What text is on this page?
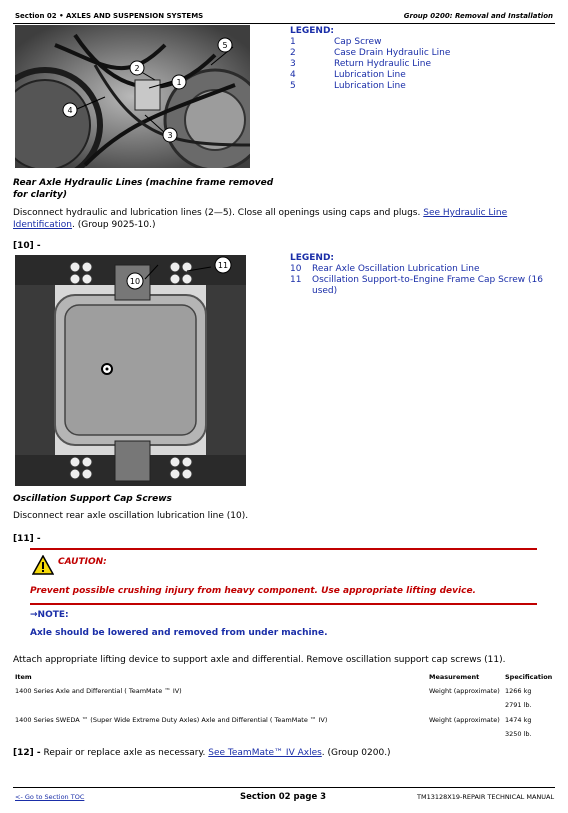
Section 02 • AXLES AND SUSPENSION SYSTEMS	Group 0200: Removal and Installation
5
2
1
4
3
LEGEND:
1	Cap Screw
2	Case Drain Hydraulic Line
3	Return Hydraulic Line
4	Lubrication Line
5	Lubrication Line
Rear Axle Hydraulic Lines (machine frame removed for clarity)
Disconnect hydraulic and lubrication lines (2—5). Close all openings using caps and plugs. See Hydraulic Line Identification. (Group 9025-10.)
[10] -
10
11
LEGEND:
10	Rear Axle Oscillation Lubrication Line
11	Oscillation Support-to-Engine Frame Cap Screw (16 used)
Oscillation Support Cap Screws
Disconnect rear axle oscillation lubrication line (10).
[11] -
CAUTION:
Prevent possible crushing injury from heavy component. Use appropriate lifting device.
→NOTE:
Axle should be lowered and removed from under machine.
Attach appropriate lifting device to support axle and differential. Remove oscillation support cap screws (11).
Item	Measurement	Specification
1400 Series Axle and Differential ( TeamMate ™ IV)	Weight (approximate) 1266 kg
2791 lb.
1400 Series SWEDA ™ (Super Wide Extreme Duty Axles) Axle and Differential ( TeamMate ™ IV)	Weight (approximate) 1474 kg
3250 lb.
[12] - Repair or replace axle as necessary. See TeamMate™ IV Axles. (Group 0200.)
<- Go to Section TOC	Section 02 page 3	TM13128X19-REPAIR TECHNICAL MANUAL
